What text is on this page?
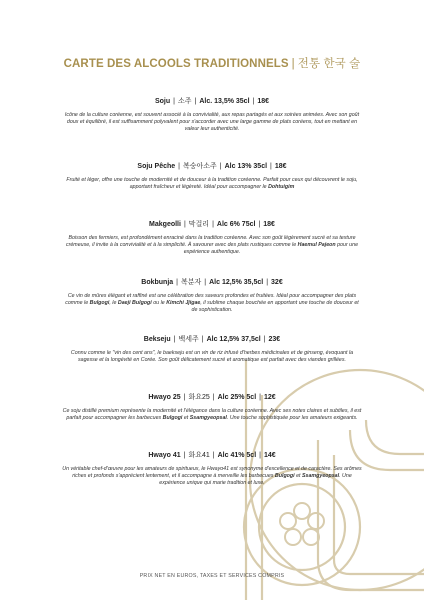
CARTE DES ALCOOLS TRADITIONNELS | 전통 한국 술
Soju | 소주 | Alc. 13,5% 35cl | 18€
Icône de la culture coréenne, est souvent associé à la convivialité, aux repas partagés et aux soirées animées. Avec son goût doux et équilibré, il est suffisamment polyvalent pour s'accorder avec une large gamme de plats coréens, tout en mettant en valeur leur authenticité.
Soju Pêche | 복숭아소주 | Alc 13% 35cl | 18€
Fruité et léger, offre une touche de modernité et de douceur à la tradition coréenne. Parfait pour ceux qui découvrent le soju, apportant fraîcheur et légèreté. Idéal pour accompagner le Dohtuigim
Makgeolli | 막걸리 | Alc 6% 75cl | 18€
Boisson des fermiers, est profondément enraciné dans la tradition coréenne. Avec son goût légèrement sucré et sa texture crémeuse, il invite à la convivialité et à la simplicité. À savourer avec des plats rustiques comme le Haemul Pajeon pour une expérience authentique.
Bokbunja | 복분자 | Alc 12,5% 35,5cl | 32€
Ce vin de mûres élégant et raffiné est une célébration des saveurs profondes et fruitées. Idéal pour accompagner des plats comme le Bulgogi, le Daeji Bulgogi ou le Kimchi Jjigae, il sublime chaque bouchée en apportant une touche de douceur et de sophistication.
Bekseju | 백세주 | Alc 12,5% 37,5cl | 23€
Connu comme le "vin des cent ans", le baekseju est un vin de riz infusé d'herbes médicinales et de ginseng, évoquant la sagesse et la longévité en Corée. Son goût délicatement sucré et aromatique est parfait avec des viandes grillées.
Hwayo 25 | 화요25 | Alc 25% 5cl | 12€
Ce soju distillé premium représente la modernité et l'élégance dans la culture coréenne. Avec ses notes claires et subtiles, il est parfait pour accompagner les barbecues Bulgogi et Ssamgyeopsal. Une touche sophistiquée pour les amateurs exigeants.
Hwayo 41 | 화요41 | Alc 41% 5cl | 14€
Un véritable chef-d'œuvre pour les amateurs de spiritueux, le Hwayo41 est synonyme d'excellence et de caractère. Ses arômes riches et profonds s'apprécient lentement, et il accompagne à merveille les barbecues Bulgogi et Ssamgyeopsal. Une expérience unique qui marie tradition et luxe.
PRIX NET EN EUROS, TAXES ET SERVICES COMPRIS
